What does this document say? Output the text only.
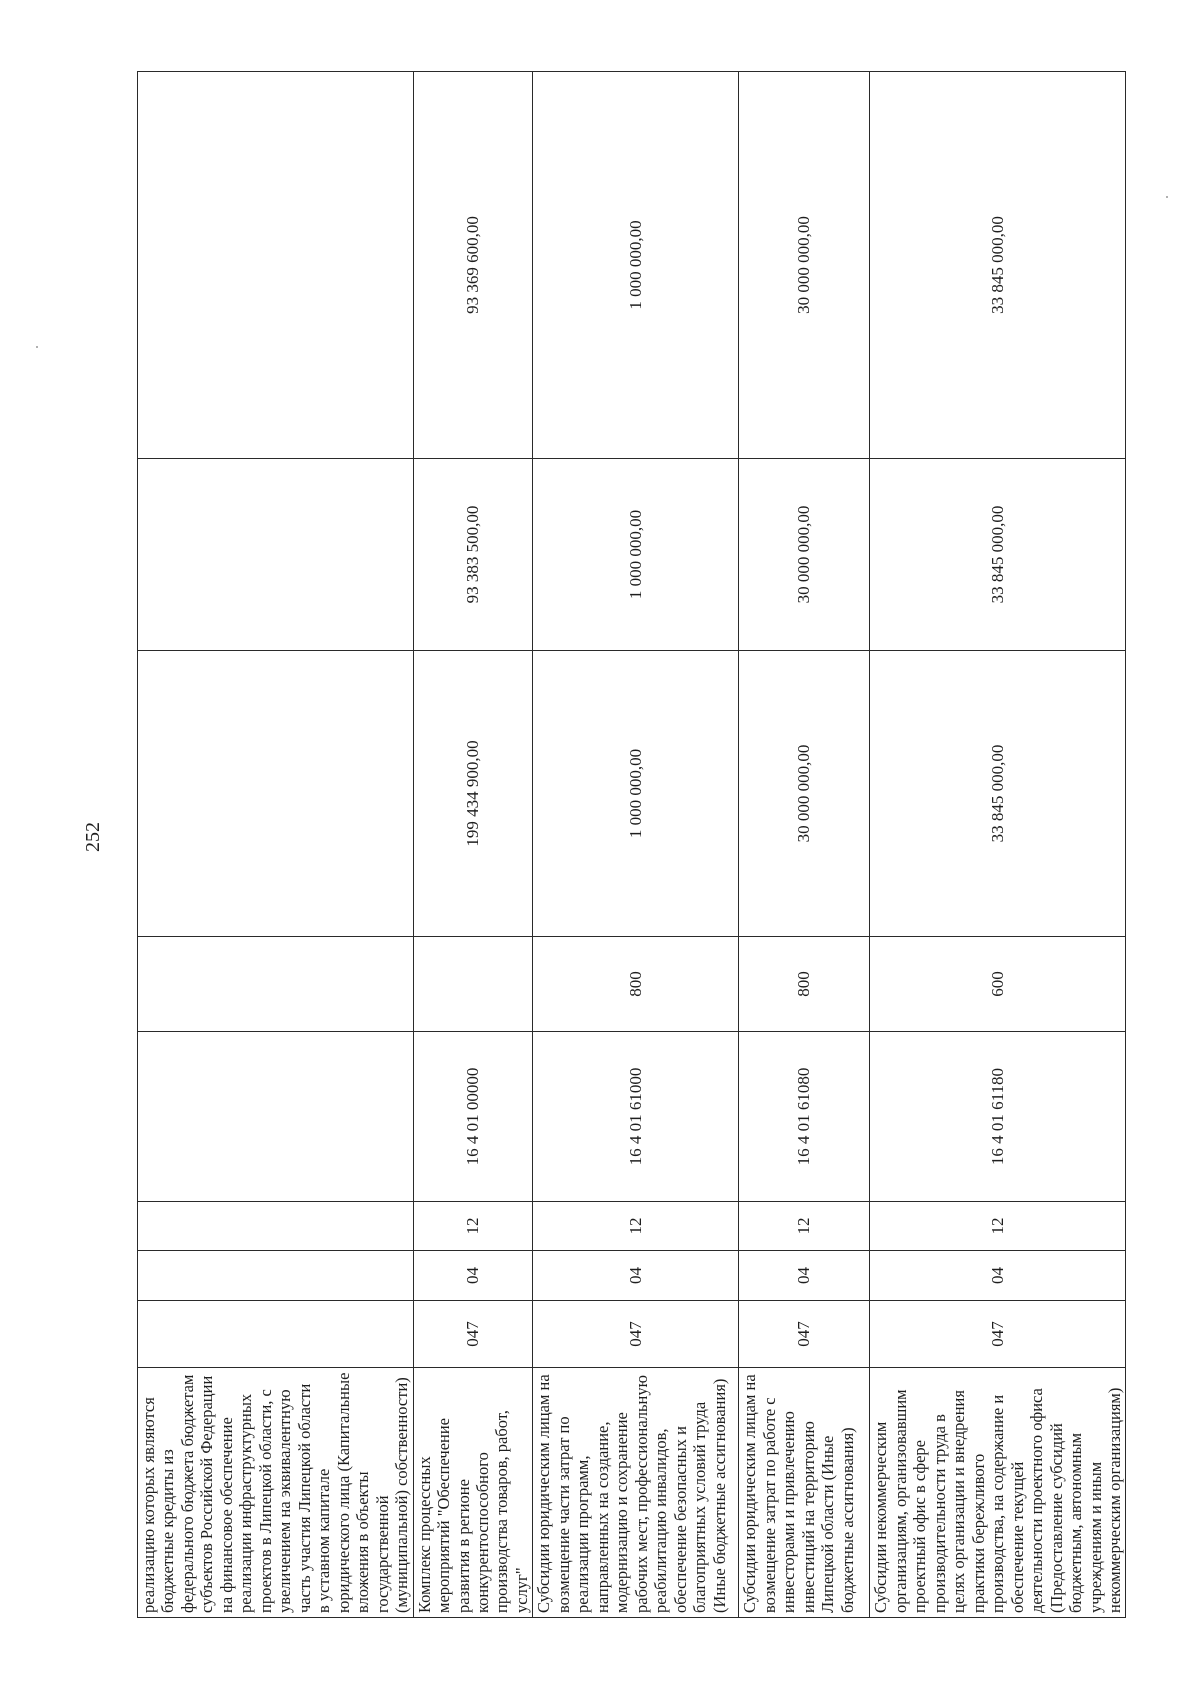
252
реализацию которых являются бюджетные кредиты из федерального бюджета бюджетам субъектов Российской Федерации на финансовое обеспечение реализации инфраструктурных проектов в Липецкой области, с увеличением на эквивалентную часть участия Липецкой области в уставном капитале юридического лица (Капитальные вложения в объекты государственной (муниципальной) собственности)								
Комплекс процессных мероприятий "Обеспечение развития в регионе конкурентоспособного производства товаров, работ, услуг"	047	04	12	16 4 01 00000		199 434 900,00	93 383 500,00	93 369 600,00
Субсидии юридическим лицам на возмещение части затрат по реализации программ, направленных на создание, модернизацию и сохранение рабочих мест, профессиональную реабилитацию инвалидов, обеспечение безопасных и благоприятных условий труда (Иные бюджетные ассигнования)	047	04	12	16 4 01 61000	800	1 000 000,00	1 000 000,00	1 000 000,00
Субсидии юридическим лицам на возмещение затрат по работе с инвесторами и привлечению инвестиций на территорию Липецкой области (Иные бюджетные ассигнования)	047	04	12	16 4 01 61080	800	30 000 000,00	30 000 000,00	30 000 000,00
Субсидии некоммерческим организациям, организовавшим проектный офис в сфере производительности труда в целях организации и внедрения практики бережливого производства, на содержание и обеспечение текущей деятельности проектного офиса (Предоставление субсидий бюджетным, автономным учреждениям и иным некоммерческим организациям)	047	04	12	16 4 01 61180	600	33 845 000,00	33 845 000,00	33 845 000,00
